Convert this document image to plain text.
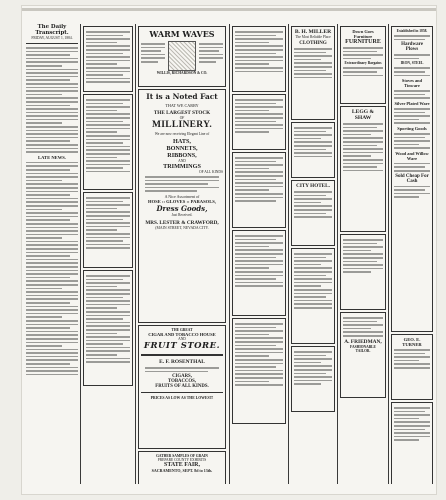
The Daily Transcript.
FRIDAY, AUGUST 1, 1884.
LATE NEWS.
WARM WAVES
WILLIS, RICHARDSON & CO.
It is a Noted Fact
THAT WE CARRY
THE LARGEST STOCK
OF
MILLINERY.
We are now receiving Elegant Line of
HATS,
BONNETS,
RIBBONS,
AND
TRIMMINGS
OF ALL KINDS
A Nice Assortment of
HOSE :: GLOVES :: PARASOLS,
Dress Goods,
Just Received.
MRS. LESTER & CRAWFORD,
(MAIN STREET, NEVADA CITY.
THE GREAT
CIGAR AND TOBACCO HOUSE
AND
FRUIT STORE.
E. F. ROSENTHAL
CIGARS,
TOBACCOS,
FRUITS OF ALL KINDS.
PRICES AS LOW AS THE LOWEST!
GATHER SAMPLES OF GRAIN
PREPARE COUNTY EXHIBITS
STATE FAIR,
SACRAMENTO, SEPT. 8d to 13th.
B. H. MILLER
The Most Reliable Place
CLOTHING
CITY HOTEL.
Down Goes Furniture
FURNITURE
Extraordinary Bargains
LEGG & SHAW
A. FRIEDMAN,
FASHIONABLE TAILOR.
Established in 1858.
Hardware
Plows
IRON, STEEL
Stoves and Tinware
Silver Plated Ware
Sporting Goods
Wood and Willow Ware
Sold Cheap For Cash
GEO. E. TURNER
